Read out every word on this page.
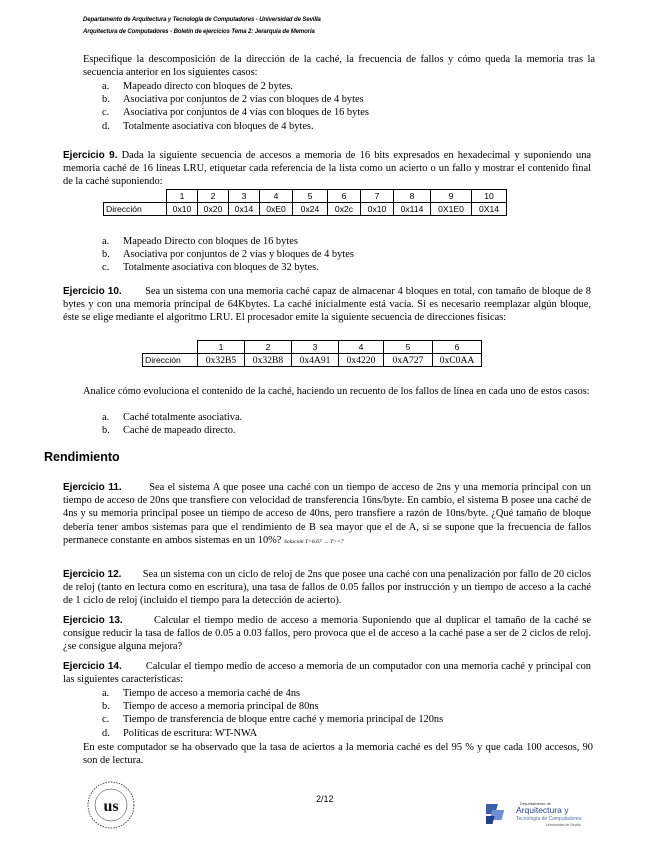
Departamento de Arquitectura y Tecnología de Computadores - Universidad de Sevilla
Arquitectura de Computadores - Boletín de ejercicios Tema 2: Jerarquía de Memoria
Especifique la descomposición de la dirección de la caché, la frecuencia de fallos y cómo queda la memoria tras la secuencia anterior en los siguientes casos:
a. Mapeado directo con bloques de 2 bytes.
b. Asociativa por conjuntos de 2 vías con bloques de 4 bytes
c. Asociativa por conjuntos de 4 vías con bloques de 16 bytes
d. Totalmente asociativa con bloques de 4 bytes.
Ejercicio 9. Dada la siguiente secuencia de accesos a memoria de 16 bits expresados en hexadecimal y suponiendo una memoria caché de 16 líneas LRU, etiquetar cada referencia de la lista como un acierto o un fallo y mostrar el contenido final de la caché suponiendo:
	1	2	3	4	5	6	7	8	9	10
Dirección	0x10	0x20	0x14	0xE0	0x24	0x2c	0x10	0x114	0X1E0	0X14
a. Mapeado Directo con bloques de 16 bytes
b. Asociativa por conjuntos de 2 vías y bloques de 4 bytes
c. Totalmente asociativa con bloques de 32 bytes.
Ejercicio 10. Sea un sistema con una memoria caché capaz de almacenar 4 bloques en total, con tamaño de bloque de 8 bytes y con una memoria principal de 64Kbytes. La caché inicialmente está vacía. Si es necesario reemplazar algún bloque, éste se elige mediante el algoritmo LRU. El procesador emite la siguiente secuencia de direcciones físicas:
	1	2	3	4	5	6
Dirección	0x32B5	0x32B8	0x4A91	0x4220	0xA727	0xC0AA
Analice cómo evoluciona el contenido de la caché, haciendo un recuento de los fallos de línea en cada uno de estos casos:
a. Caché totalmente asociativa.
b. Caché de mapeado directo.
Rendimiento
Ejercicio 11.	Sea el sistema A que posee una caché con un tiempo de acceso de 2ns y una memoria principal con un tiempo de acceso de 20ns que transfiere con velocidad de transferencia 16ns/byte. En cambio, el sistema B posee una caché de 4ns y su memoria principal posee un tiempo de acceso de 40ns, pero transfiere a razón de 10ns/byte. ¿Qué tamaño de bloque debería tener ambos sistemas para que el rendimiento de B sea mayor que el de A, si se supone que la frecuencia de fallos permanece constante en ambos sistemas en un 10%? Solución T>6.67 → T>=7
Ejercicio 12. Sea un sistema con un ciclo de reloj de 2ns que posee una caché con una penalización por fallo de 20 ciclos de reloj (tanto en lectura como en escritura), una tasa de fallos de 0.05 fallos por instrucción y un tiempo de acceso a la caché de 1 ciclo de reloj (incluido el tiempo para la detección de acierto).
Ejercicio 13.	Calcular el tiempo medio de acceso a memoria Suponiendo que al duplicar el tamaño de la caché se consigue reducir la tasa de fallos de 0.05 a 0.03 fallos, pero provoca que el de acceso a la caché pase a ser de 2 ciclos de reloj. ¿se consigue alguna mejora?
Ejercicio 14. Calcular el tiempo medio de acceso a memoria de un computador con una memoria caché y principal con las siguientes características:
a. Tiempo de acceso a memoria caché de 4ns
b. Tiempo de acceso a memoria principal de 80ns
c. Tiempo de transferencia de bloque entre caché y memoria principal de 120ns
d. Políticas de escritura: WT-NWA
En este computador se ha observado que la tasa de aciertos a la memoria caché es del 95 % y que cada 100 accesos, 90 son de lectura.
us	2/12	Departamento de
Arquitectura y
Tecnología de Computadores
Universidad de Sevilla
